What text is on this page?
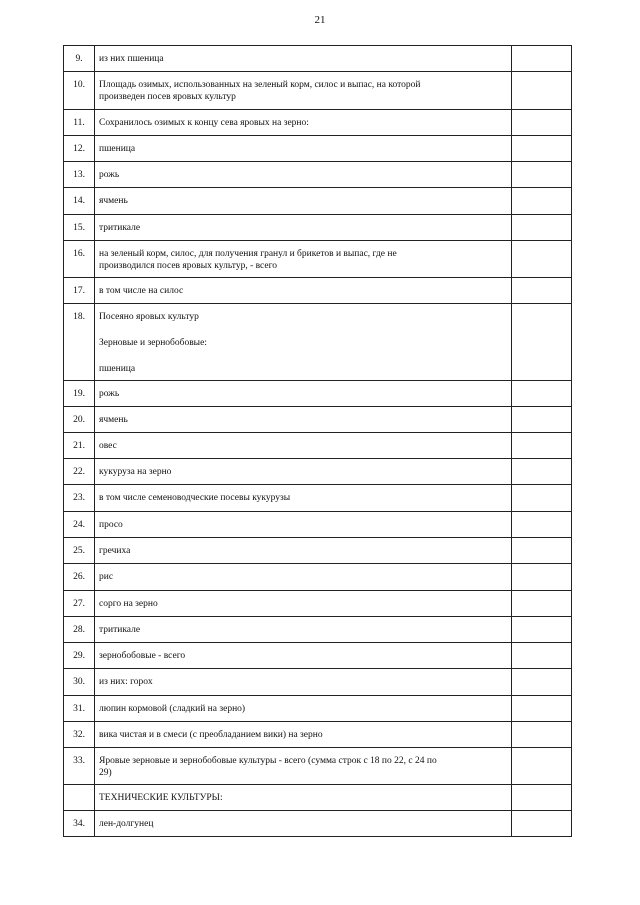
21
9.	из них пшеница	

10.	Площадь озимых, использованных на зеленый корм, силос и выпас, на которой
произведен посев яровых культур	

11.	Сохранилось озимых к концу сева яровых на зерно:	

12.	пшеница	

13.	рожь	

14.	ячмень	

15.	тритикале	

16.	на зеленый корм, силос, для получения гранул и брикетов и выпас, где не
производился посев яровых культур, - всего	

17.	в том числе на силос	

18.	Посеяно яровых культур
Зерновые и зернобобовые:
пшеница	

19.	рожь	

20.	ячмень	

21.	овес	

22.	кукуруза на зерно	

23.	в том числе семеноводческие посевы кукурузы	

24.	просо	

25.	гречиха	

26.	рис	

27.	сорго на зерно	

28.	тритикале	

29.	зернобобовые - всего	

30.	из них: горох	

31.	люпин кормовой (сладкий на зерно)	

32.	вика чистая и в смеси (с преобладанием вики) на зерно	

33.	Яровые зерновые и зернобобовые культуры - всего (сумма строк с 18 по 22, с 24 по
29)	

	ТЕХНИЧЕСКИЕ КУЛЬТУРЫ:	

34.	лен-долгунец	
